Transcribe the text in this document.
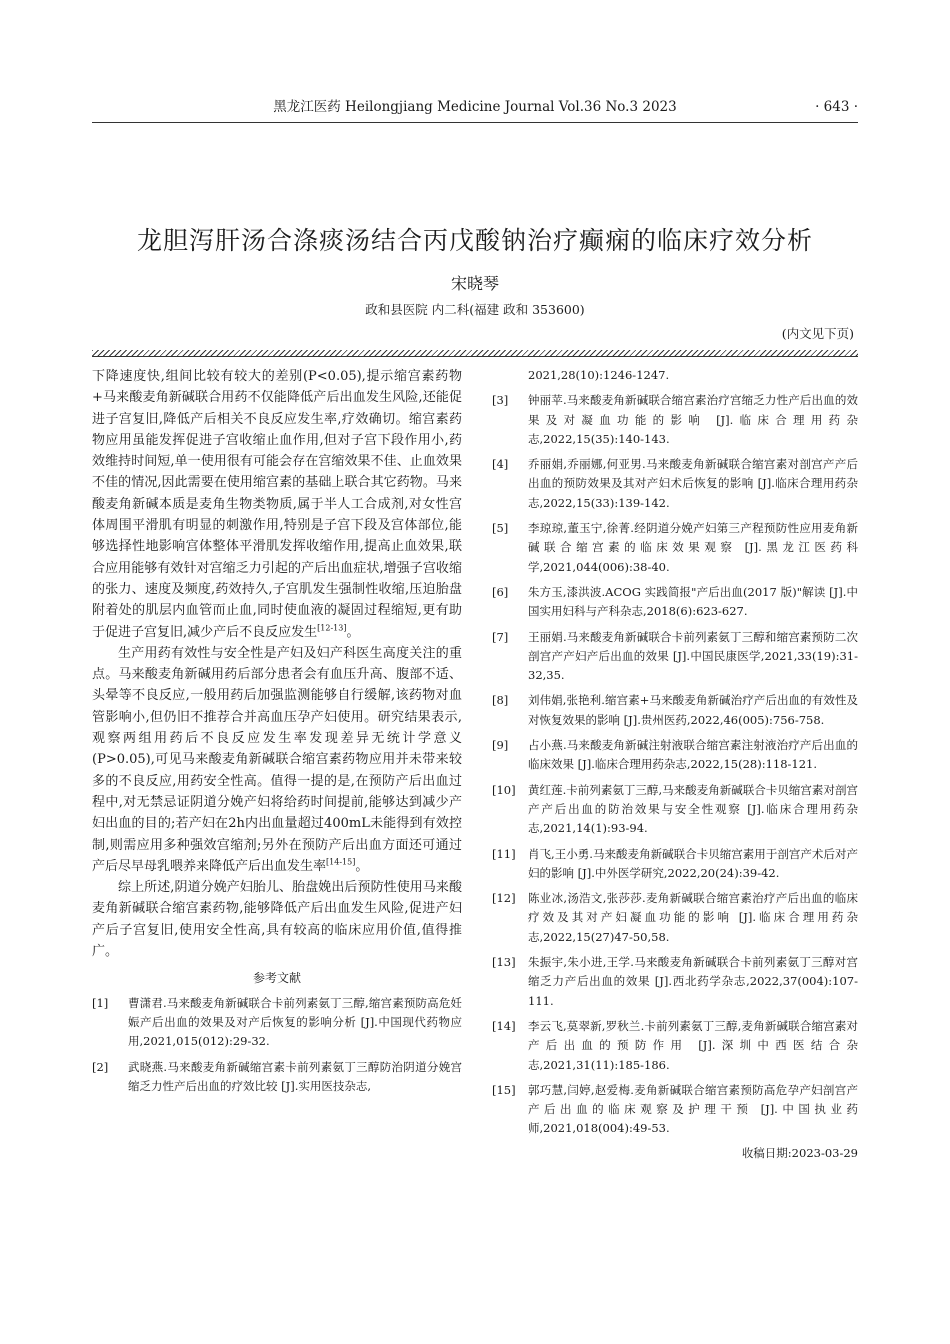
黑龙江医药 Heilongjiang Medicine Journal Vol.36 No.3 2023	· 643 ·
龙胆泻肝汤合涤痰汤结合丙戊酸钠治疗癫痫的临床疗效分析
宋晓琴
政和县医院 内二科(福建 政和 353600)
(内文见下页)

下降速度快,组间比较有较大的差别(P<0.05),提示缩宫素药物+马来酸麦角新碱联合用药不仅能降低产后出血发生风险,还能促进子宫复旧,降低产后相关不良反应发生率,疗效确切。缩宫素药物应用虽能发挥促进子宫收缩止血作用,但对子宫下段作用小,药效维持时间短,单一使用很有可能会存在宫缩效果不佳、止血效果不佳的情况,因此需要在使用缩宫素的基础上联合其它药物。马来酸麦角新碱本质是麦角生物类物质,属于半人工合成剂,对女性宫体周围平滑肌有明显的刺激作用,特别是子宫下段及宫体部位,能够选择性地影响宫体整体平滑肌发挥收缩作用,提高止血效果,联合应用能够有效针对宫缩乏力引起的产后出血症状,增强子宫收缩的张力、速度及频度,药效持久,子宫肌发生强制性收缩,压迫胎盘附着处的肌层内血管而止血,同时使血液的凝固过程缩短,更有助于促进子宫复旧,减少产后不良反应发生[12-13]。

生产用药有效性与安全性是产妇及妇产科医生高度关注的重点。马来酸麦角新碱用药后部分患者会有血压升高、腹部不适、头晕等不良反应,一般用药后加强监测能够自行缓解,该药物对血管影响小,但仍旧不推荐合并高血压孕产妇使用。研究结果表示,观察两组用药后不良反应发生率发现差异无统计学意义(P>0.05),可见马来酸麦角新碱联合缩宫素药物应用并未带来较多的不良反应,用药安全性高。值得一提的是,在预防产后出血过程中,对无禁忌证阴道分娩产妇将给药时间提前,能够达到减少产妇出血的目的;若产妇在2h内出血量超过400mL未能得到有效控制,则需应用多种强效宫缩剂;另外在预防产后出血方面还可通过产后尽早母乳喂养来降低产后出血发生率[14-15]。

综上所述,阴道分娩产妇胎儿、胎盘娩出后预防性使用马来酸麦角新碱联合缩宫素药物,能够降低产后出血发生风险,促进产妇产后子宫复旧,使用安全性高,具有较高的临床应用价值,值得推广。

参考文献
[1]	曹潇君.马来酸麦角新碱联合卡前列素氨丁三醇,缩宫素预防高危妊娠产后出血的效果及对产后恢复的影响分析 [J].中国现代药物应用,2021,015(012):29-32.
[2]	武晓燕.马来酸麦角新碱缩宫素卡前列素氨丁三醇防治阴道分娩宫缩乏力性产后出血的疗效比较 [J].实用医技杂志,
2021,28(10):1246-1247.
[3]	钟丽苹.马来酸麦角新碱联合缩宫素治疗宫缩乏力性产后出血的效果及对凝血功能的影响 [J].临床合理用药杂志,2022,15(35):140-143.
[4]	乔丽娟,乔丽娜,何亚男.马来酸麦角新碱联合缩宫素对剖宫产产后出血的预防效果及其对产妇术后恢复的影响 [J].临床合理用药杂志,2022,15(33):139-142.
[5]	李琼琼,董玉宁,徐菁.经阴道分娩产妇第三产程预防性应用麦角新碱联合缩宫素的临床效果观察 [J].黑龙江医药科学,2021,044(006):38-40.
[6]	朱方玉,漆洪波.ACOG 实践简报"产后出血(2017 版)"解读 [J].中国实用妇科与产科杂志,2018(6):623-627.
[7]	王丽娟.马来酸麦角新碱联合卡前列素氨丁三醇和缩宫素预防二次剖宫产产妇产后出血的效果 [J].中国民康医学,2021,33(19):31-32,35.
[8]	刘伟娟,张艳利.缩宫素+马来酸麦角新碱治疗产后出血的有效性及对恢复效果的影响 [J].贵州医药,2022,46(005):756-758.
[9]	占小燕.马来酸麦角新碱注射液联合缩宫素注射液治疗产后出血的临床效果 [J].临床合理用药杂志,2022,15(28):118-121.
[10]	黄红莲.卡前列素氨丁三醇,马来酸麦角新碱联合卡贝缩宫素对剖宫产产后出血的防治效果与安全性观察 [J].临床合理用药杂志,2021,14(1):93-94.
[11]	肖飞,王小勇.马来酸麦角新碱联合卡贝缩宫素用于剖宫产术后对产妇的影响 [J].中外医学研究,2022,20(24):39-42.
[12]	陈业冰,汤浩文,张莎莎.麦角新碱联合缩宫素治疗产后出血的临床疗效及其对产妇凝血功能的影响 [J].临床合理用药杂志,2022,15(27)47-50,58.
[13]	朱振宇,朱小进,王学.马来酸麦角新碱联合卡前列素氨丁三醇对宫缩乏力产后出血的效果 [J].西北药学杂志,2022,37(004):107-111.
[14]	李云飞,莫翠新,罗秋兰.卡前列素氨丁三醇,麦角新碱联合缩宫素对产后出血的预防作用 [J].深圳中西医结合杂志,2021,31(11):185-186.
[15]	郭巧慧,闫婷,赵爱梅.麦角新碱联合缩宫素预防高危孕产妇剖宫产产后出血的临床观察及护理干预 [J].中国执业药师,2021,018(004):49-53.
收稿日期:2023-03-29
